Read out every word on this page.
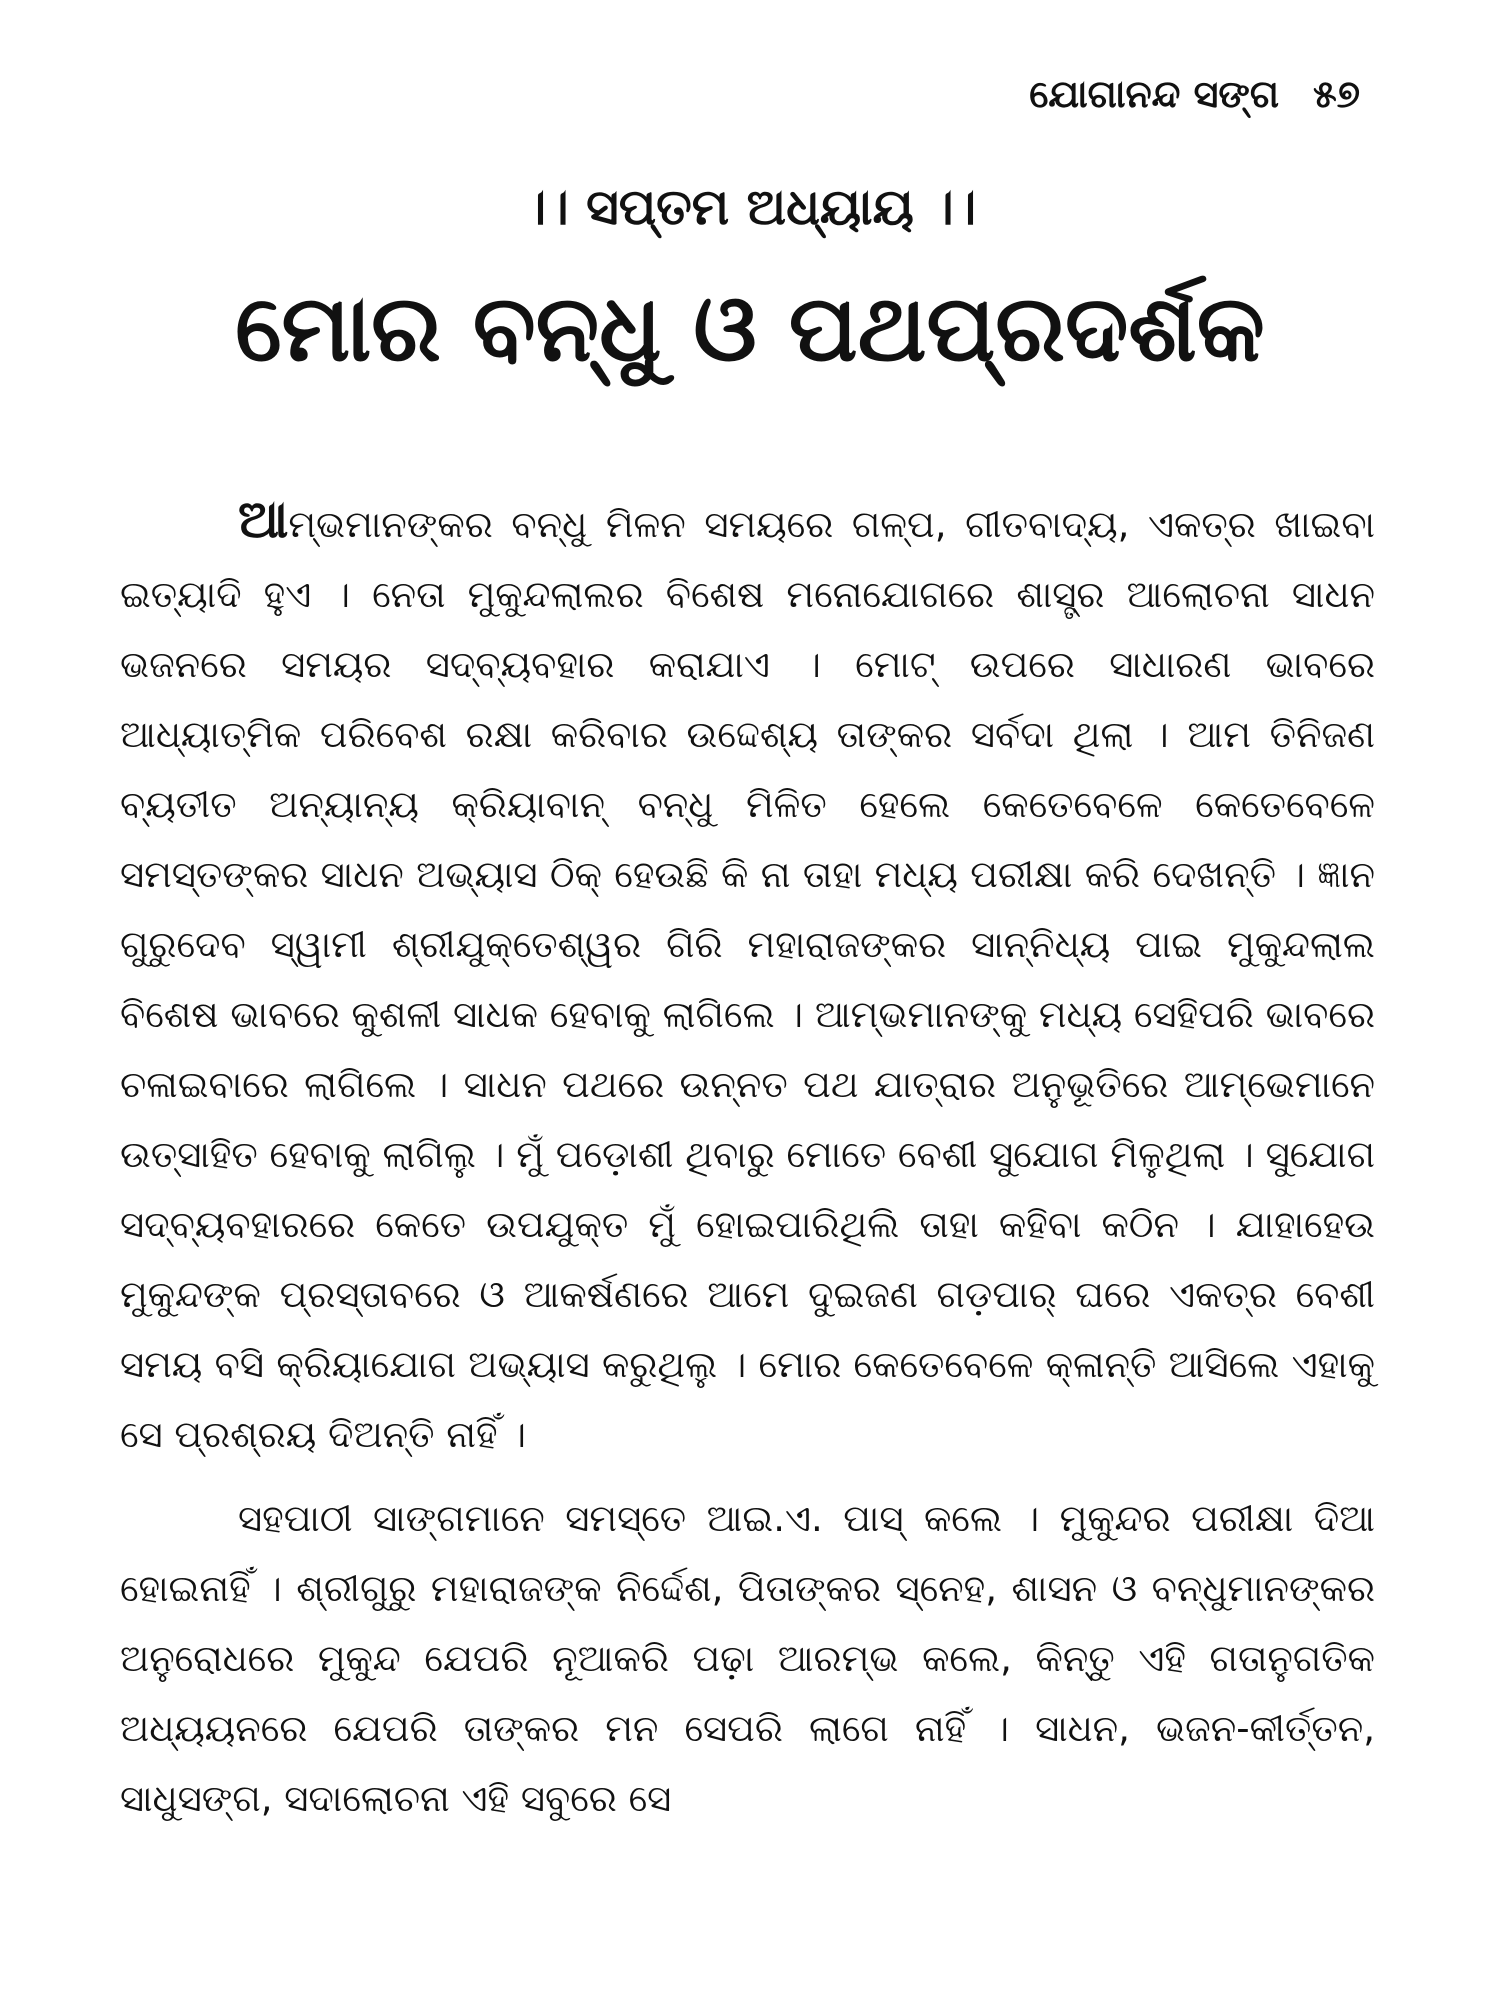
ଯୋଗାନନ୍ଦ ସଙ୍ଗ ୫୭
।। ସପ୍ତମ ଅଧ୍ୟାୟ ।।
ମୋର ବନ୍ଧୁ ଓ ପଥପ୍ରଦର୍ଶକ

ଆମ୍ଭମାନଙ୍କର ବନ୍ଧୁ ମିଳନ ସମୟରେ ଗଳ୍ପ, ଗୀତବାଦ୍ୟ, ଏକତ୍ର ଖାଇବା ଇତ୍ୟାଦି ହୁଏ । ନେତା ମୁକୁନ୍ଦଲାଲର ବିଶେଷ ମନୋଯୋଗରେ ଶାସ୍ତ୍ର ଆଲୋଚନା ସାଧନ ଭଜନରେ ସମୟର ସଦ୍‌ବ୍ୟବହାର କରାଯାଏ । ମୋଟ୍ ଉପରେ ସାଧାରଣ ଭାବରେ ଆଧ୍ୟାତ୍ମିକ ପରିବେଶ ରକ୍ଷା କରିବାର ଉଦ୍ଦେଶ୍ୟ ତାଙ୍କର ସର୍ବଦା ଥିଲା । ଆମ ତିନିଜଣ ବ୍ୟତୀତ ଅନ୍ୟାନ୍ୟ କ୍ରିୟାବାନ୍ ବନ୍ଧୁ ମିଳିତ ହେଲେ କେତେବେଳେ କେତେବେଳେ ସମସ୍ତଙ୍କର ସାଧନ ଅଭ୍ୟାସ ଠିକ୍ ହେଉଛି କି ନା ତାହା ମଧ୍ୟ ପରୀକ୍ଷା କରି ଦେଖନ୍ତି । ଜ୍ଞାନ ଗୁରୁଦେବ ସ୍ୱାମୀ ଶ୍ରୀଯୁକ୍ତେଶ୍ୱର ଗିରି ମହାରାଜଙ୍କର ସାନ୍ନିଧ୍ୟ ପାଇ ମୁକୁନ୍ଦଲାଲ ବିଶେଷ ଭାବରେ କୁଶଳୀ ସାଧକ ହେବାକୁ ଲାଗିଲେ । ଆମ୍ଭମାନଙ୍କୁ ମଧ୍ୟ ସେହିପରି ଭାବରେ ଚଳାଇବାରେ ଲାଗିଲେ । ସାଧନ ପଥରେ ଉନ୍ନତ ପଥ ଯାତ୍ରାର ଅନୁଭୂତିରେ ଆମ୍ଭେମାନେ ଉତ୍ସାହିତ ହେବାକୁ ଲାଗିଲୁ । ମୁଁ ପଡ଼ୋଶୀ ଥିବାରୁ ମୋତେ ବେଶୀ ସୁଯୋଗ ମିଳୁଥିଲା । ସୁଯୋଗ ସଦ୍‌ବ୍ୟବହାରରେ କେତେ ଉପଯୁକ୍ତ ମୁଁ ହୋଇପାରିଥିଲି ତାହା କହିବା କଠିନ । ଯାହାହେଉ ମୁକୁନ୍ଦଙ୍କ ପ୍ରସ୍ତାବରେ ଓ ଆକର୍ଷଣରେ ଆମେ ଦୁଇଜଣ ଗଡ଼ପାର୍ ଘରେ ଏକତ୍ର ବେଶୀ ସମୟ ବସି କ୍ରିୟାଯୋଗ ଅଭ୍ୟାସ କରୁଥିଲୁ । ମୋର କେତେବେଳେ କ୍ଳାନ୍ତି ଆସିଲେ ଏହାକୁ ସେ ପ୍ରଶ୍ରୟ ଦିଅନ୍ତି ନାହିଁ ।

ସହପାଠୀ ସାଙ୍ଗମାନେ ସମସ୍ତେ ଆଇ.ଏ. ପାସ୍ କଲେ । ମୁକୁନ୍ଦର ପରୀକ୍ଷା ଦିଆ ହୋଇନାହିଁ । ଶ୍ରୀଗୁରୁ ମହାରାଜଙ୍କ ନିର୍ଦ୍ଦେଶ, ପିତାଙ୍କର ସ୍ନେହ, ଶାସନ ଓ ବନ୍ଧୁମାନଙ୍କର ଅନୁରୋଧରେ ମୁକୁନ୍ଦ ଯେପରି ନୂଆକରି ପଢ଼ା ଆରମ୍ଭ କଲେ, କିନ୍ତୁ ଏହି ଗତାନୁଗତିକ ଅଧ୍ୟୟନରେ ଯେପରି ତାଙ୍କର ମନ ସେପରି ଲାଗେ ନାହିଁ । ସାଧନ, ଭଜନ-କୀର୍ତ୍ତନ, ସାଧୁସଙ୍ଗ, ସଦାଲୋଚନା ଏହି ସବୁରେ ସେ
